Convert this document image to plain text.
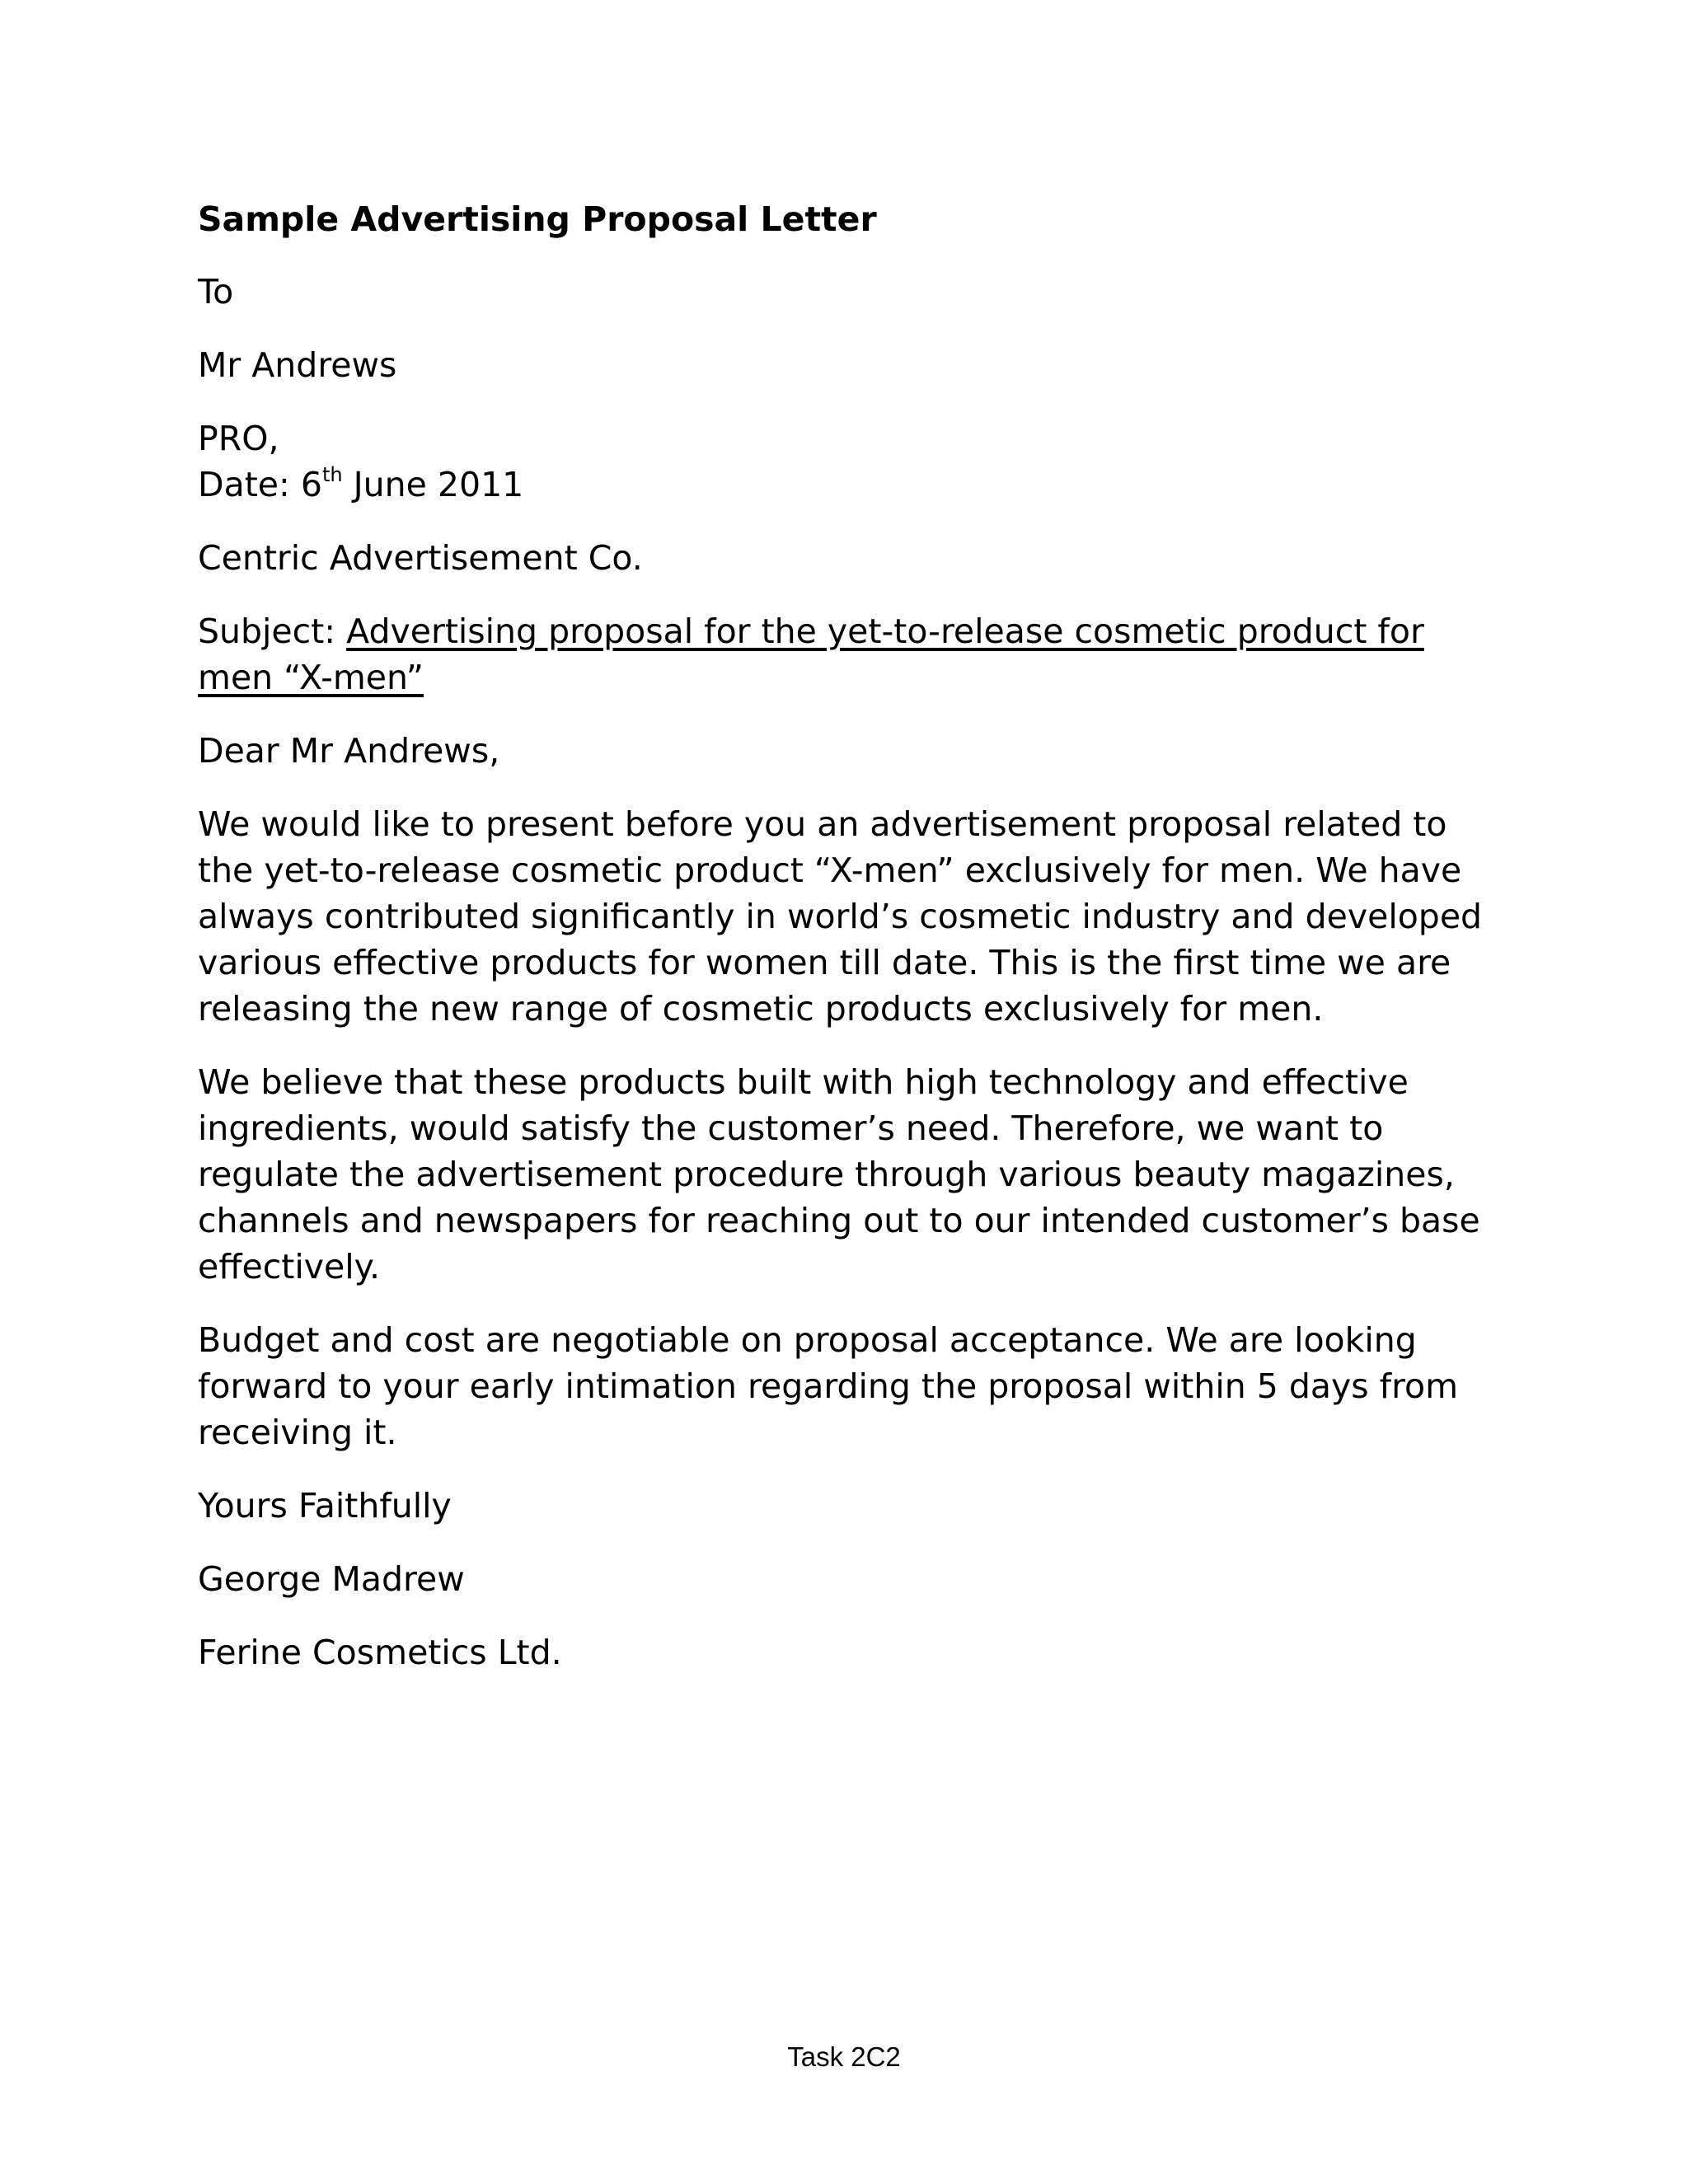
Sample Advertising Proposal Letter
To
Mr Andrews
PRO,
Date: 6th June 2011
Centric Advertisement Co.
Subject: Advertising proposal for the yet-to-release cosmetic product for men “X-men”
Dear Mr Andrews,
We would like to present before you an advertisement proposal related to the yet-to-release cosmetic product “X-men” exclusively for men. We have always contributed significantly in world’s cosmetic industry and developed various effective products for women till date. This is the first time we are releasing the new range of cosmetic products exclusively for men.
We believe that these products built with high technology and effective ingredients, would satisfy the customer’s need. Therefore, we want to regulate the advertisement procedure through various beauty magazines, channels and newspapers for reaching out to our intended customer’s base effectively.
Budget and cost are negotiable on proposal acceptance. We are looking forward to your early intimation regarding the proposal within 5 days from receiving it.
Yours Faithfully
George Madrew
Ferine Cosmetics Ltd.
Task 2C2
